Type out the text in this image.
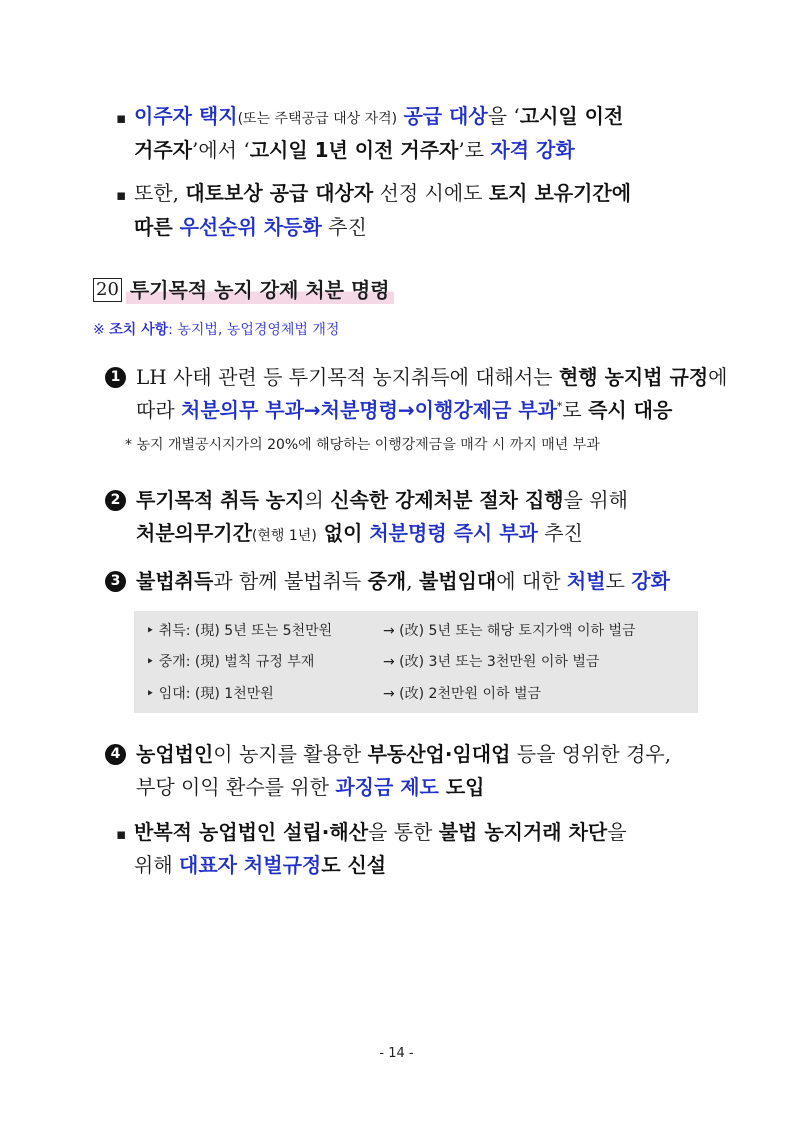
▪ 이주자 택지(또는 주택공급 대상 자격) 공급 대상을 ‘고시일 이전
거주자’에서 ‘고시일 1년 이전 거주자’로 자격 강화
▪ 또한, 대토보상 공급 대상자 선정 시에도 토지 보유기간에
따른 우선순위 차등화 추진
20 투기목적 농지 강제 처분 명령
※ 조치 사항: 농지법, 농업경영체법 개정
1 LH 사태 관련 등 투기목적 농지취득에 대해서는 현행 농지법 규정에
따라 처분의무 부과→처분명령→이행강제금 부과*로 즉시 대응
* 농지 개별공시지가의 20%에 해당하는 이행강제금을 매각 시 까지 매년 부과
2 투기목적 취득 농지의 신속한 강제처분 절차 집행을 위해
처분의무기간(현행 1년) 없이 처분명령 즉시 부과 추진
3 불법취득과 함께 불법취득 중개, 불법임대에 대한 처벌도 강화
‣ 취득: (現) 5년 또는 5천만원	→ (改) 5년 또는 해당 토지가액 이하 벌금
‣ 중개: (現) 벌칙 규정 부재	→ (改) 3년 또는 3천만원 이하 벌금
‣ 임대: (現) 1천만원	→ (改) 2천만원 이하 벌금
4 농업법인이 농지를 활용한 부동산업·임대업 등을 영위한 경우,
부당 이익 환수를 위한 과징금 제도 도입
▪ 반복적 농업법인 설립·해산을 통한 불법 농지거래 차단을
위해 대표자 처벌규정도 신설
- 14 -
